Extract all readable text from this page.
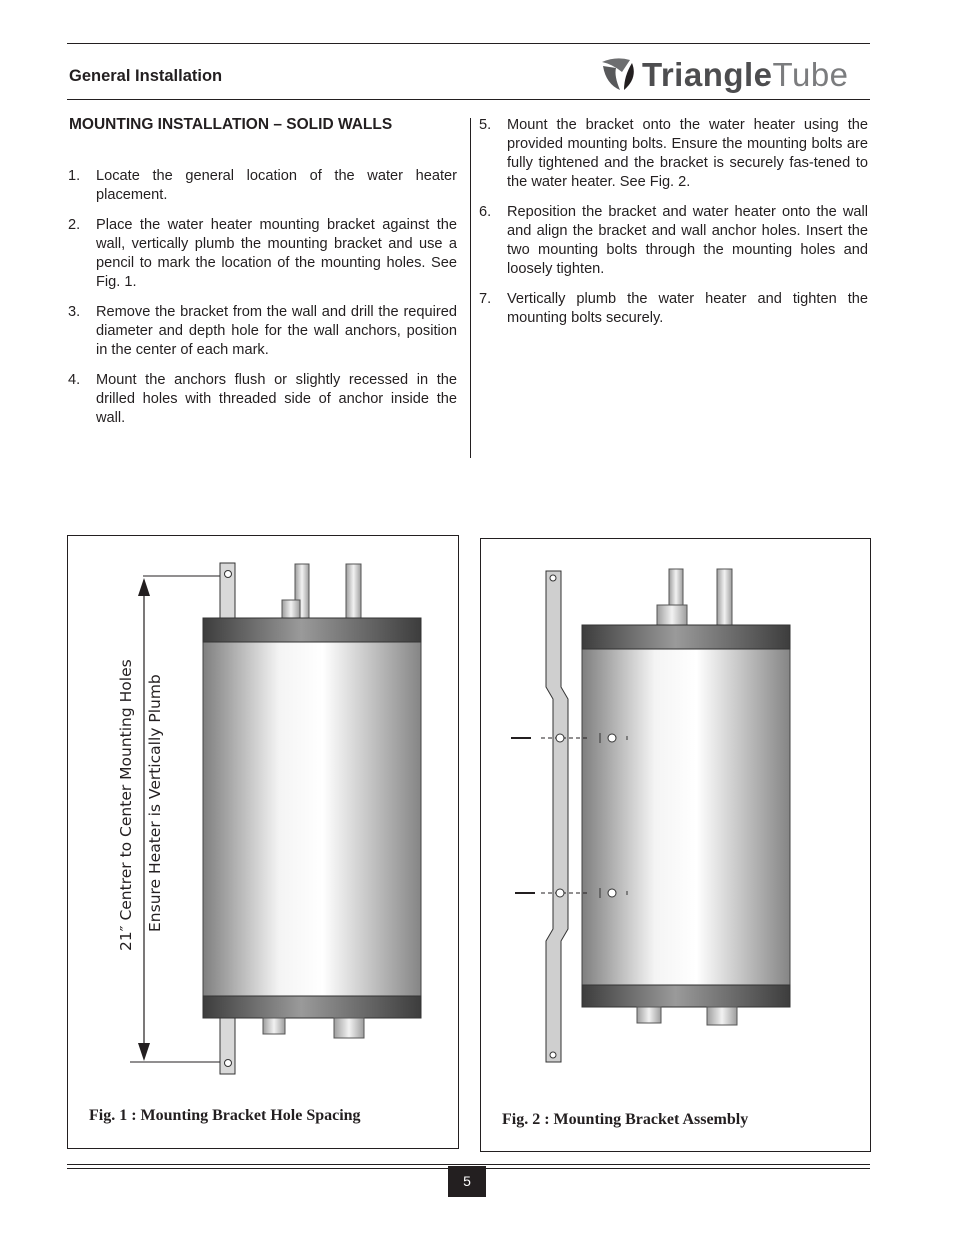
General Installation	TriangleTube
MOUNTING INSTALLATION – SOLID WALLS
1. Locate the general location of the water heater placement.
2. Place the water heater mounting bracket against the wall, vertically plumb the mounting bracket and use a pencil to mark the location of the mounting holes. See Fig. 1.
3. Remove the bracket from the wall and drill the required diameter and depth hole for the wall anchors, position in the center of each mark.
4. Mount the anchors flush or slightly recessed in the drilled holes with threaded side of anchor inside the wall.
5. Mount the bracket onto the water heater using the provided mounting bolts. Ensure the mounting bolts are fully tightened and the bracket is securely fas-tened to the water heater. See Fig. 2.
6. Reposition the bracket and water heater onto the wall and align the bracket and wall anchor holes. Insert the two mounting bolts through the mounting holes and loosely tighten.
7. Vertically plumb the water heater and tighten the mounting bolts securely.
21″ Centrer to Center Mounting Holes Ensure Heater is Vertically Plumb
Fig. 1 : Mounting Bracket Hole Spacing	Fig. 2 : Mounting Bracket Assembly
5
